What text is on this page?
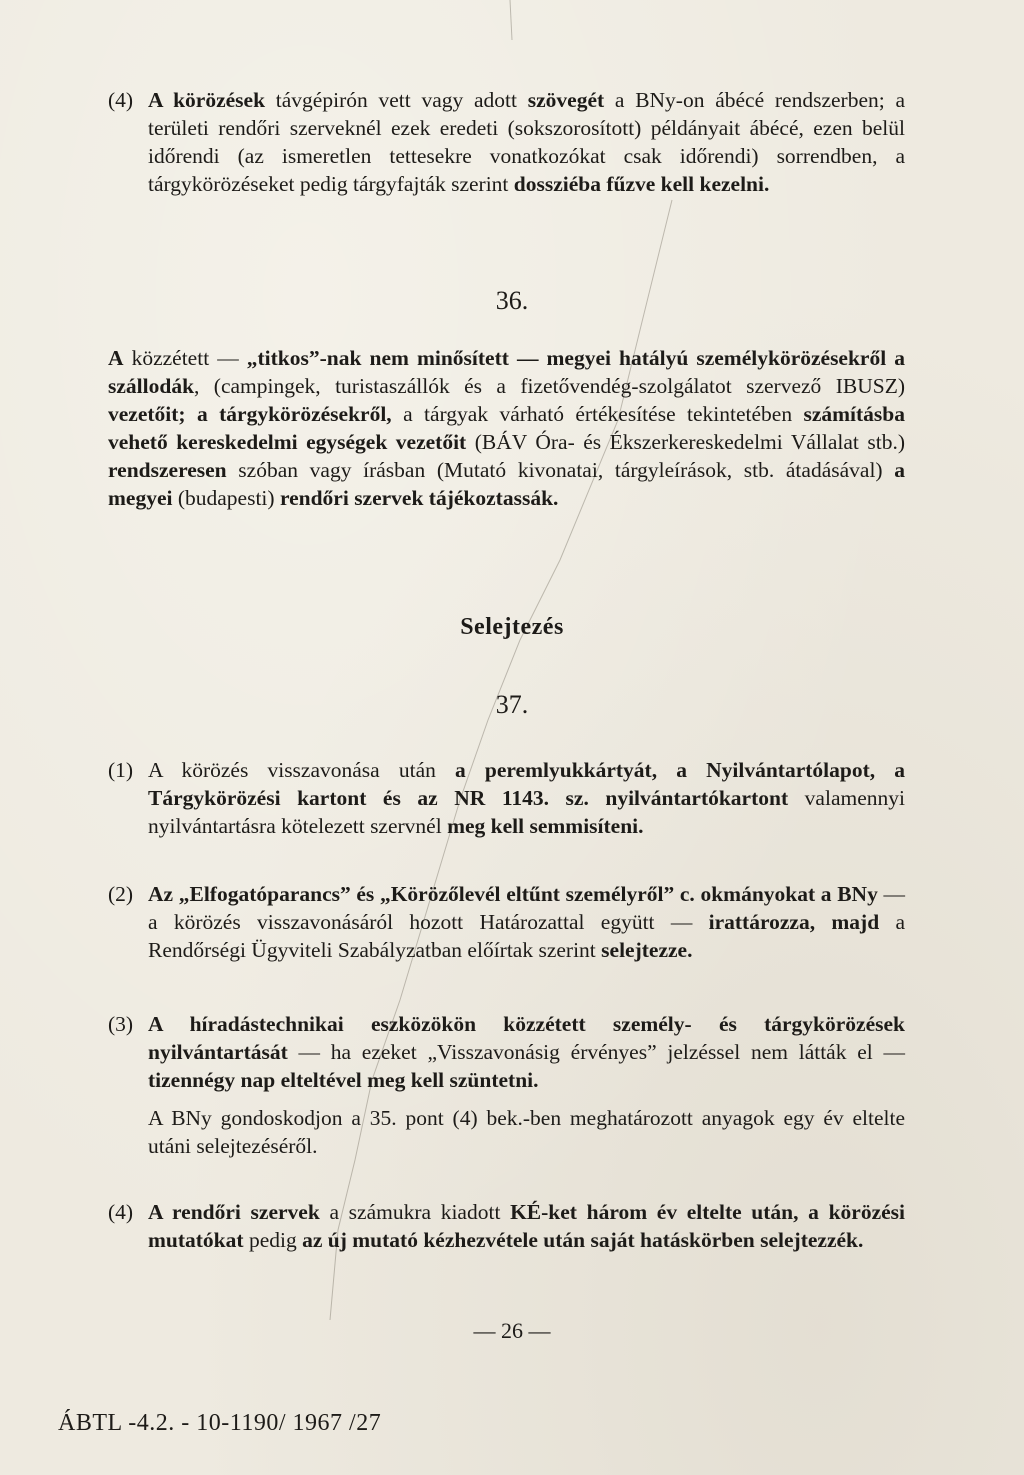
(4) A körözések távgépirón vett vagy adott szövegét a BNy-on ábécé rendszerben; a területi rendőri szerveknél ezek eredeti (sokszorosított) példányait ábécé, ezen belül időrendi (az ismeretlen tettesekre vonatkozókat csak időrendi) sorrendben, a tárgykörözéseket pedig tárgyfajták szerint dossziéba fűzve kell kezelni.
36.
A közzétett — „titkos”-nak nem minősített — megyei hatályú személykörözésekről a szállodák, (campingek, turistaszállók és a fizetővendég-szolgálatot szervező IBUSZ) vezetőit; a tárgykörözésekről, a tárgyak várható értékesítése tekintetében számításba vehető kereskedelmi egységek vezetőit (BÁV Óra- és Ékszerkereskedelmi Vállalat stb.) rendszeresen szóban vagy írásban (Mutató kivonatai, tárgyleírások, stb. átadásával) a megyei (budapesti) rendőri szervek tájékoztassák.
Selejtezés
37.
(1) A körözés visszavonása után a peremlyukkártyát, a Nyilvántartólapot, a Tárgykörözési kartont és az NR 1143. sz. nyilvántartókartont valamennyi nyilvántartásra kötelezett szervnél meg kell semmisíteni.
(2) Az „Elfogatóparancs” és „Körözőlevél eltűnt személyről” c. okmányokat a BNy — a körözés visszavonásáról hozott Határozattal együtt — irattározza, majd a Rendőrségi Ügyviteli Szabályzatban előírtak szerint selejtezze.
(3) A híradástechnikai eszközökön közzétett személy- és tárgykörözések nyilvántartását — ha ezeket „Visszavonásig érvényes” jelzéssel nem látták el — tizennégy nap elteltével meg kell szüntetni.
A BNy gondoskodjon a 35. pont (4) bek.-ben meghatározott anyagok egy év eltelte utáni selejtezéséről.
(4) A rendőri szervek a számukra kiadott KÉ-ket három év eltelte után, a körözési mutatókat pedig az új mutató kézhezvétele után saját hatáskörben selejtezzék.
— 26 —
ÁBTL -4.2. - 10-1190/ 1967 /27
